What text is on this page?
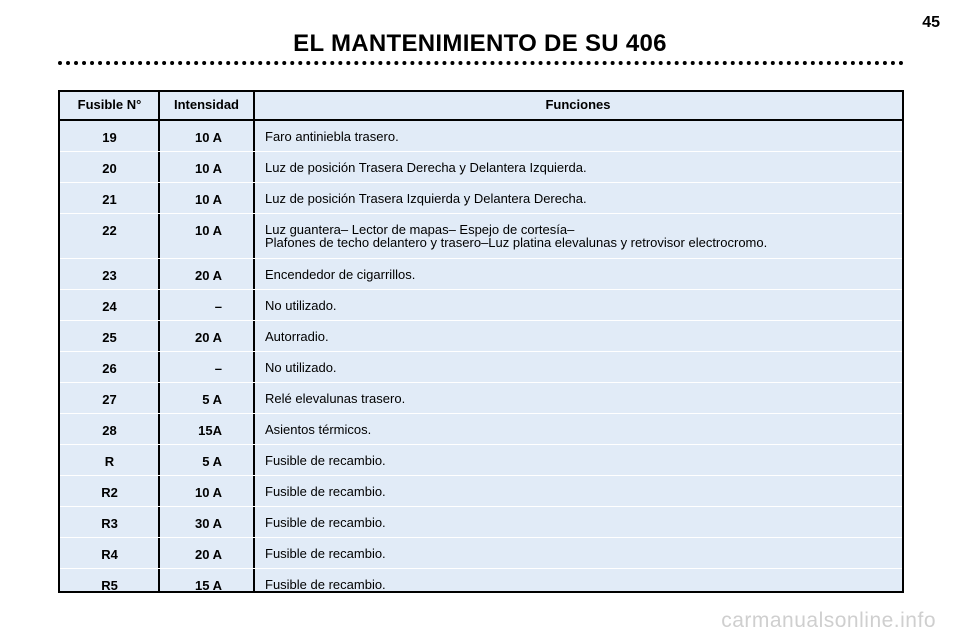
45
EL MANTENIMIENTO DE SU 406
Fusible N°	Intensidad	Funciones
19	10 A	Faro antiniebla trasero.
20	10 A	Luz de posición Trasera Derecha y Delantera Izquierda.
21	10 A	Luz de posición Trasera Izquierda y Delantera Derecha.
22	10 A	Luz guantera– Lector de mapas– Espejo de cortesía–
Plafones de techo delantero y trasero–Luz platina elevalunas y retrovisor electrocromo.
23	20 A	Encendedor de cigarrillos.
24	–	No utilizado.
25	20 A	Autorradio.
26	–	No utilizado.
27	5 A	Relé elevalunas trasero.
28	15A	Asientos térmicos.
R	5 A	Fusible de recambio.
R2	10 A	Fusible de recambio.
R3	30 A	Fusible de recambio.
R4	20 A	Fusible de recambio.
R5	15 A	Fusible de recambio.
carmanualsonline.info
